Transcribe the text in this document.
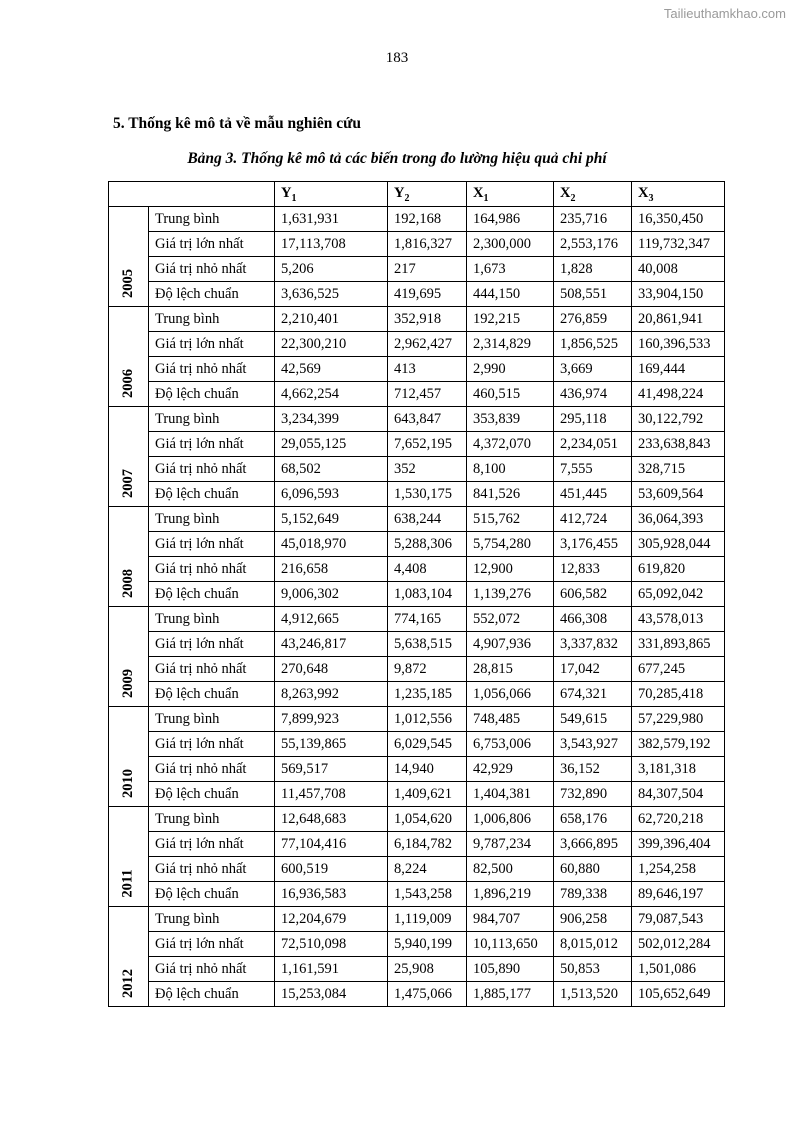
Tailieuthamkhao.com
183
5. Thống kê mô tả về mẫu nghiên cứu
Bảng 3. Thống kê mô tả các biến trong đo lường hiệu quả chi phí
		$Y_1$	$Y_2$	$X_1$	$X_2$	$X_3$
2005	Trung bình	1,631,931	192,168	164,986	235,716	16,350,450
	Giá trị lớn nhất	17,113,708	1,816,327	2,300,000	2,553,176	119,732,347
	Giá trị nhỏ nhất	5,206	217	1,673	1,828	40,008
	Độ lệch chuẩn	3,636,525	419,695	444,150	508,551	33,904,150
2006	Trung bình	2,210,401	352,918	192,215	276,859	20,861,941
	Giá trị lớn nhất	22,300,210	2,962,427	2,314,829	1,856,525	160,396,533
	Giá trị nhỏ nhất	42,569	413	2,990	3,669	169,444
	Độ lệch chuẩn	4,662,254	712,457	460,515	436,974	41,498,224
2007	Trung bình	3,234,399	643,847	353,839	295,118	30,122,792
	Giá trị lớn nhất	29,055,125	7,652,195	4,372,070	2,234,051	233,638,843
	Giá trị nhỏ nhất	68,502	352	8,100	7,555	328,715
	Độ lệch chuẩn	6,096,593	1,530,175	841,526	451,445	53,609,564
2008	Trung bình	5,152,649	638,244	515,762	412,724	36,064,393
	Giá trị lớn nhất	45,018,970	5,288,306	5,754,280	3,176,455	305,928,044
	Giá trị nhỏ nhất	216,658	4,408	12,900	12,833	619,820
	Độ lệch chuẩn	9,006,302	1,083,104	1,139,276	606,582	65,092,042
2009	Trung bình	4,912,665	774,165	552,072	466,308	43,578,013
	Giá trị lớn nhất	43,246,817	5,638,515	4,907,936	3,337,832	331,893,865
	Giá trị nhỏ nhất	270,648	9,872	28,815	17,042	677,245
	Độ lệch chuẩn	8,263,992	1,235,185	1,056,066	674,321	70,285,418
2010	Trung bình	7,899,923	1,012,556	748,485	549,615	57,229,980
	Giá trị lớn nhất	55,139,865	6,029,545	6,753,006	3,543,927	382,579,192
	Giá trị nhỏ nhất	569,517	14,940	42,929	36,152	3,181,318
	Độ lệch chuẩn	11,457,708	1,409,621	1,404,381	732,890	84,307,504
2011	Trung bình	12,648,683	1,054,620	1,006,806	658,176	62,720,218
	Giá trị lớn nhất	77,104,416	6,184,782	9,787,234	3,666,895	399,396,404
	Giá trị nhỏ nhất	600,519	8,224	82,500	60,880	1,254,258
	Độ lệch chuẩn	16,936,583	1,543,258	1,896,219	789,338	89,646,197
2012	Trung bình	12,204,679	1,119,009	984,707	906,258	79,087,543
	Giá trị lớn nhất	72,510,098	5,940,199	10,113,650	8,015,012	502,012,284
	Giá trị nhỏ nhất	1,161,591	25,908	105,890	50,853	1,501,086
	Độ lệch chuẩn	15,253,084	1,475,066	1,885,177	1,513,520	105,652,649
